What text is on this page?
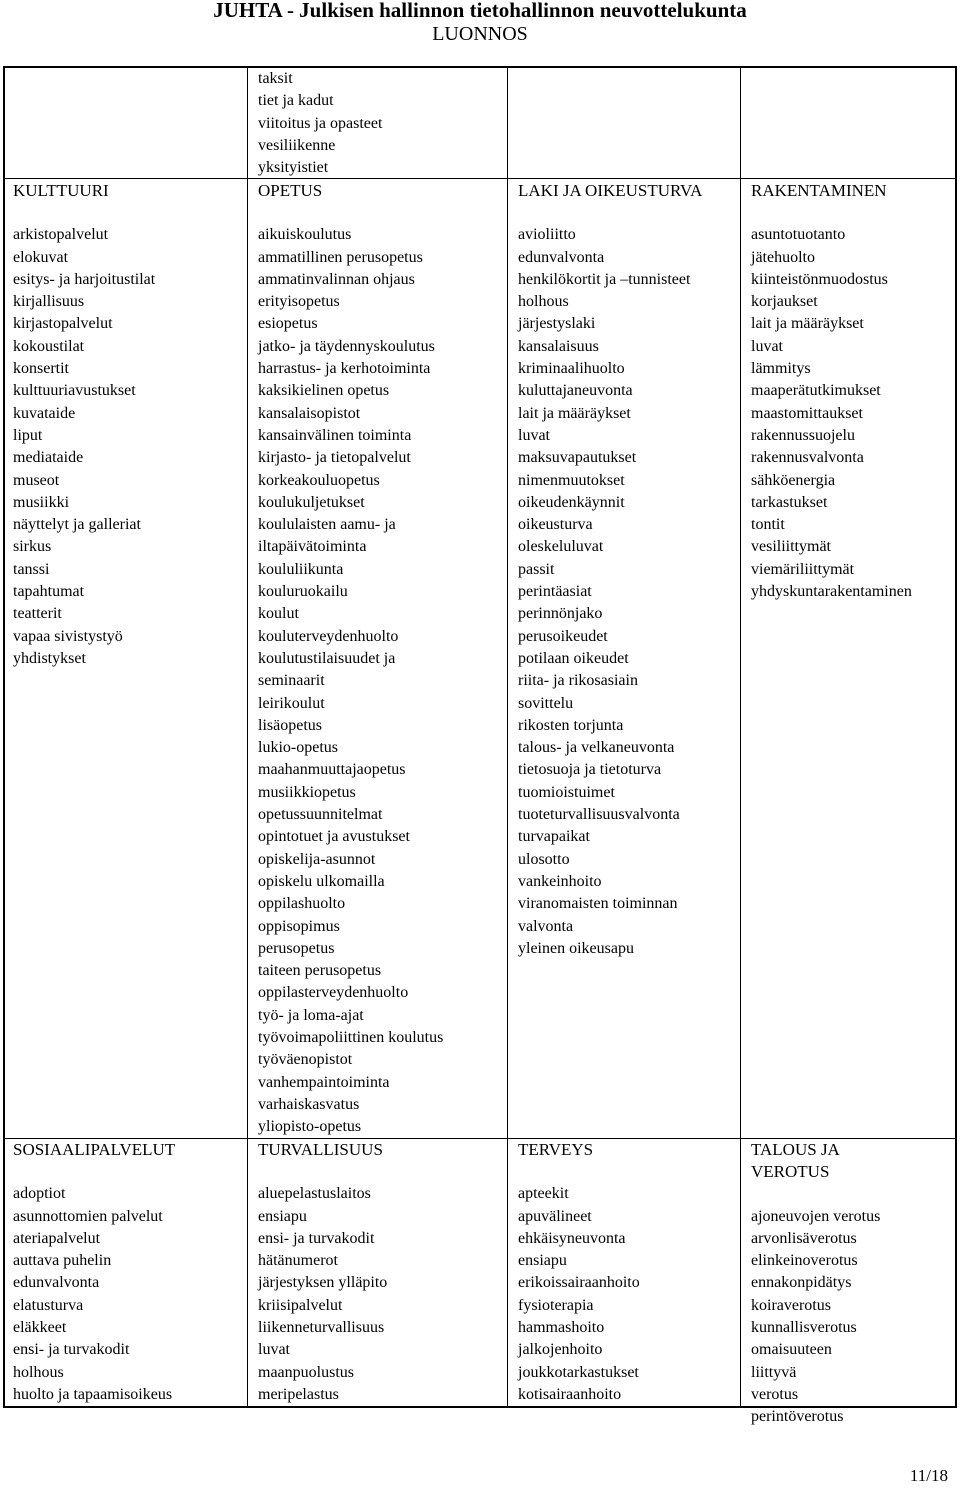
JUHTA - Julkisen hallinnon tietohallinnon neuvottelukunta
LUONNOS
taksit
tiet ja kadut
viitoitus ja opasteet
vesiliikenne
yksityistiet
KULTTUURI
arkistopalvelut
elokuvat
esitys- ja harjoitustilat
kirjallisuus
kirjastopalvelut
kokoustilat
konsertit
kulttuuriavustukset
kuvataide
liput
mediataide
museot
musiikki
näyttelyt ja galleriat
sirkus
tanssi
tapahtumat
teatterit
vapaa sivistystyö
yhdistykset
OPETUS
aikuiskoulutus
ammatillinen perusopetus
ammatinvalinnan ohjaus
erityisopetus
esiopetus
jatko- ja täydennyskoulutus
harrastus- ja kerhotoiminta
kaksikielinen opetus
kansalaisopistot
kansainvälinen toiminta
kirjasto- ja tietopalvelut
korkeakouluopetus
koulukuljetukset
koululaisten aamu- ja
iltapäivätoiminta
koululiikunta
kouluruokailu
koulut
kouluterveydenhuolto
koulutustilaisuudet ja
seminaarit
leirikoulut
lisäopetus
lukio-opetus
maahanmuuttajaopetus
musiikkiopetus
opetussuunnitelmat
opintotuet ja avustukset
opiskelija-asunnot
opiskelu ulkomailla
oppilashuolto
oppisopimus
perusopetus
taiteen perusopetus
oppilasterveydenhuolto
työ- ja loma-ajat
työvoimapoliittinen koulutus
työväenopistot
vanhempaintoiminta
varhaiskasvatus
yliopisto-opetus
LAKI JA OIKEUSTURVA
avioliitto
edunvalvonta
henkilökortit ja –tunnisteet
holhous
järjestyslaki
kansalaisuus
kriminaalihuolto
kuluttajaneuvonta
lait ja määräykset
luvat
maksuvapautukset
nimenmuutokset
oikeudenkäynnit
oikeusturva
oleskeluluvat
passit
perintäasiat
perinnönjako
perusoikeudet
potilaan oikeudet
riita- ja rikosasiain
sovittelu
rikosten torjunta
talous- ja velkaneuvonta
tietosuoja ja tietoturva
tuomioistuimet
tuoteturvallisuusvalvonta
turvapaikat
ulosotto
vankeinhoito
viranomaisten toiminnan
valvonta
yleinen oikeusapu
RAKENTAMINEN
asuntotuotanto
jätehuolto
kiinteistönmuodostus
korjaukset
lait ja määräykset
luvat
lämmitys
maaperätutkimukset
maastomittaukset
rakennussuojelu
rakennusvalvonta
sähköenergia
tarkastukset
tontit
vesiliittymät
viemäriliittymät
yhdyskuntarakentaminen
SOSIAALIPALVELUT
adoptiot
asunnottomien palvelut
ateriapalvelut
auttava puhelin
edunvalvonta
elatusturva
eläkkeet
ensi- ja turvakodit
holhous
huolto ja tapaamisoikeus
TURVALLISUUS
aluepelastuslaitos
ensiapu
ensi- ja turvakodit
hätänumerot
järjestyksen ylläpito
kriisipalvelut
liikenneturvallisuus
luvat
maanpuolustus
meripelastus
TERVEYS
apteekit
apuvälineet
ehkäisyneuvonta
ensiapu
erikoissairaanhoito
fysioterapia
hammashoito
jalkojenhoito
joukkotarkastukset
kotisairaanhoito
TALOUS JA VEROTUS
ajoneuvojen verotus
arvonlisäverotus
elinkeinoverotus
ennakonpidätys
koiraverotus
kunnallisverotus
omaisuuteen liittyvä
verotus
perintöverotus
11/18
